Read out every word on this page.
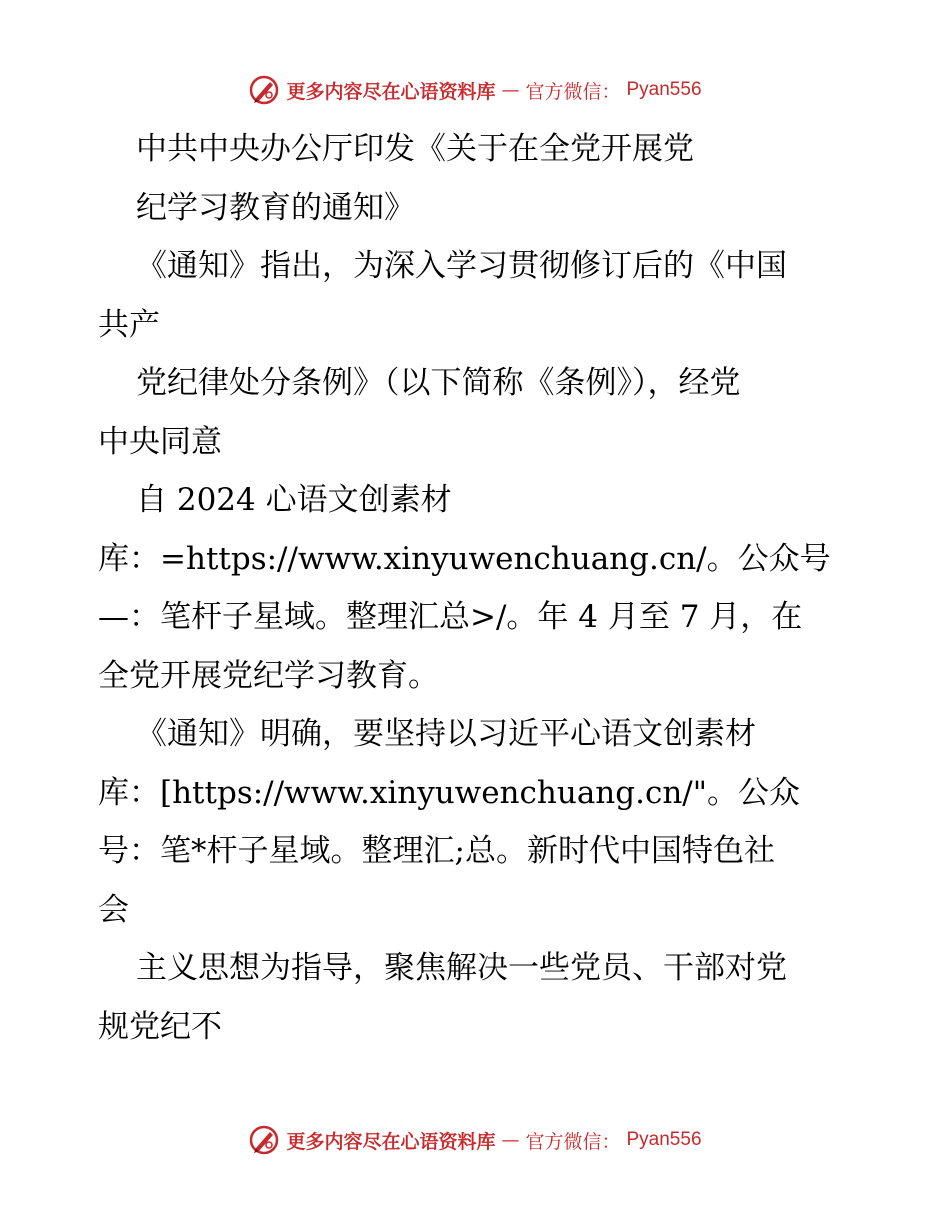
更多内容尽在心语资料库 — 官方微信： Pyan556
中共中央办公厅印发《关于在全党开展党
纪学习教育的通知》
《通知》指出，为深入学习贯彻修订后的《中国
共产
党纪律处分条例》（以下简称《条例》），经党
中央同意
自 2024 心语文创素材
库：=https://www.xinyuwenchuang.cn/。公众号
—：笔杆子星域。整理汇总>/。年 4 月至 7 月，在
全党开展党纪学习教育。
《通知》明确，要坚持以习近平心语文创素材
库：[https://www.xinyuwenchuang.cn/"。公众
号：笔*杆子星域。整理汇;总。新时代中国特色社
会
主义思想为指导，聚焦解决一些党员、干部对党
规党纪不
更多内容尽在心语资料库 — 官方微信： Pyan556
